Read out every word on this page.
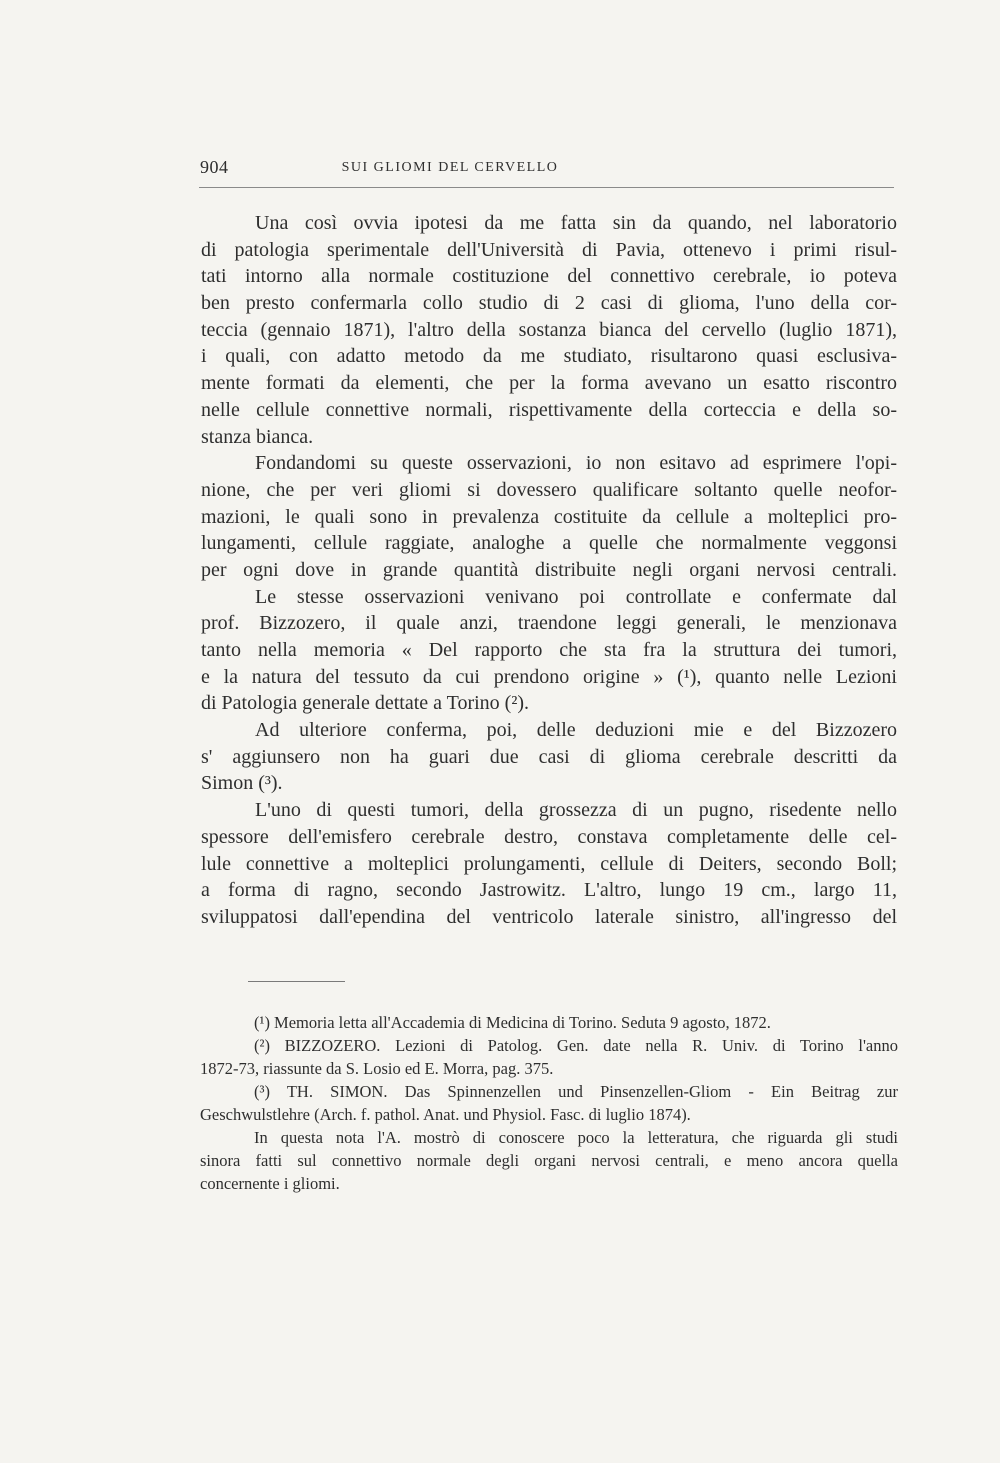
904	SUI GLIOMI DEL CERVELLO
Una così ovvia ipotesi da me fatta sin da quando, nel laboratorio
di patologia sperimentale dell'Università di Pavia, ottenevo i primi risul-
tati intorno alla normale costituzione del connettivo cerebrale, io poteva
ben presto confermarla collo studio di 2 casi di glioma, l'uno della cor-
teccia (gennaio 1871), l'altro della sostanza bianca del cervello (luglio 1871),
i quali, con adatto metodo da me studiato, risultarono quasi esclusiva-
mente formati da elementi, che per la forma avevano un esatto riscontro
nelle cellule connettive normali, rispettivamente della corteccia e della so-
stanza bianca.
Fondandomi su queste osservazioni, io non esitavo ad esprimere l'opi-
nione, che per veri gliomi si dovessero qualificare soltanto quelle neofor-
mazioni, le quali sono in prevalenza costituite da cellule a molteplici pro-
lungamenti, cellule raggiate, analoghe a quelle che normalmente veggonsi
per ogni dove in grande quantità distribuite negli organi nervosi centrali.
Le stesse osservazioni venivano poi controllate e confermate dal
prof. Bizzozero, il quale anzi, traendone leggi generali, le menzionava
tanto nella memoria « Del rapporto che sta fra la struttura dei tumori,
e la natura del tessuto da cui prendono origine » (¹), quanto nelle Lezioni
di Patologia generale dettate a Torino (²).
Ad ulteriore conferma, poi, delle deduzioni mie e del Bizzozero
s' aggiunsero non ha guari due casi di glioma cerebrale descritti da
Simon (³).
L'uno di questi tumori, della grossezza di un pugno, risedente nello
spessore dell'emisfero cerebrale destro, constava completamente delle cel-
lule connettive a molteplici prolungamenti, cellule di Deiters, secondo Boll;
a forma di ragno, secondo Jastrowitz. L'altro, lungo 19 cm., largo 11,
sviluppatosi dall'ependina del ventricolo laterale sinistro, all'ingresso del
(¹) Memoria letta all'Accademia di Medicina di Torino. Seduta 9 agosto, 1872.
(²) BIZZOZERO. Lezioni di Patolog. Gen. date nella R. Univ. di Torino l'anno
1872-73, riassunte da S. Losio ed E. Morra, pag. 375.
(³) TH. SIMON. Das Spinnenzellen und Pinsenzellen-Gliom - Ein Beitrag zur
Geschwulstlehre (Arch. f. pathol. Anat. und Physiol. Fasc. di luglio 1874).
In questa nota l'A. mostrò di conoscere poco la letteratura, che riguarda gli studi
sinora fatti sul connettivo normale degli organi nervosi centrali, e meno ancora quella
concernente i gliomi.
